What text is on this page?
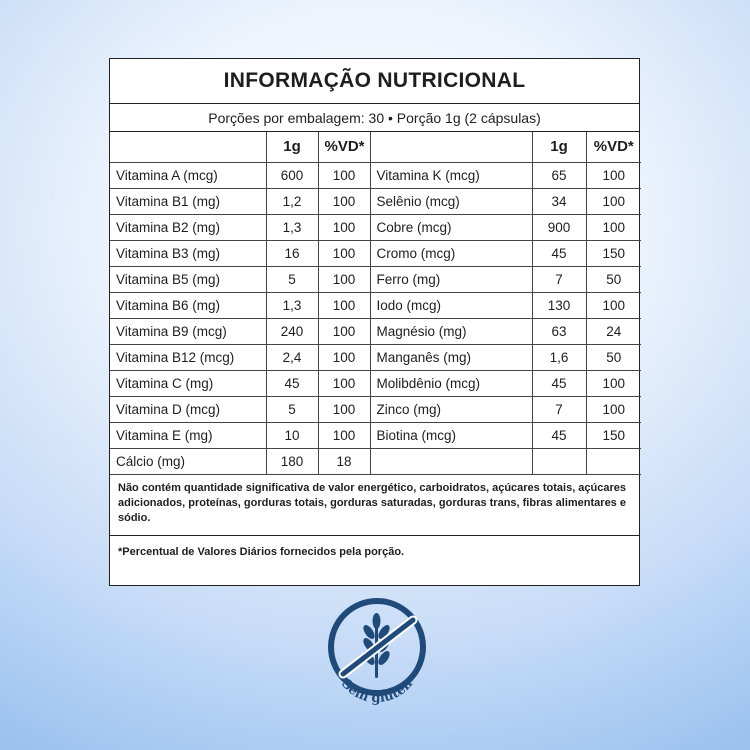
INFORMAÇÃO NUTRICIONAL
Porções por embalagem: 30 • Porção 1g (2 cápsulas)
	1g	%VD*		1g	%VD*
Vitamina A (mcg)	600	100	Vitamina K (mcg)	65	100
Vitamina B1 (mg)	1,2	100	Selênio (mcg)	34	100
Vitamina B2 (mg)	1,3	100	Cobre (mcg)	900	100
Vitamina B3 (mg)	16	100	Cromo (mcg)	45	150
Vitamina B5 (mg)	5	100	Ferro (mg)	7	50
Vitamina B6 (mg)	1,3	100	Iodo (mcg)	130	100
Vitamina B9 (mcg)	240	100	Magnésio (mg)	63	24
Vitamina B12 (mcg)	2,4	100	Manganês (mg)	1,6	50
Vitamina C (mg)	45	100	Molibdênio (mcg)	45	100
Vitamina D (mcg)	5	100	Zinco (mg)	7	100
Vitamina E (mg)	10	100	Biotina (mcg)	45	150
Cálcio (mg)	180	18			
Não contém quantidade significativa de valor energético, carboidratos, açúcares totais, açúcares adicionados, proteínas, gorduras totais, gorduras saturadas, gorduras trans, fibras alimentares e sódio.
*Percentual de Valores Diários fornecidos pela porção.
Sem glúten
